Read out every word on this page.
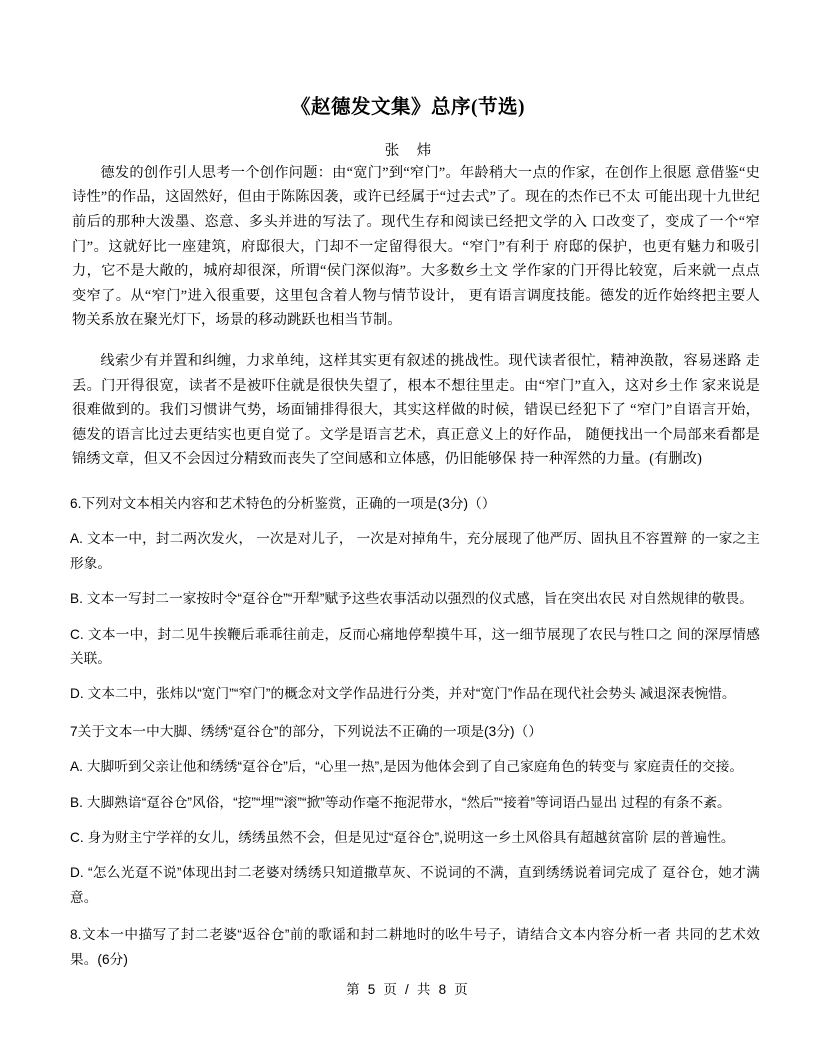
《赵德发文集》总序(节选)
张 炜

德发的创作引人思考一个创作问题：由“宽门”到“窄门”。年龄稍大一点的作家，在创作上很愿 意借鉴“史诗性”的作品，这固然好，但由于陈陈因袭，或许已经属于“过去式”了。现在的杰作已不太 可能出现十九世纪前后的那种大泼墨、恣意、多头并进的写法了。现代生存和阅读已经把文学的入 口改变了，变成了一个“窄门”。这就好比一座建筑，府邸很大，门却不一定留得很大。“窄门”有利于 府邸的保护，也更有魅力和吸引力，它不是大敞的，城府却很深，所谓“侯门深似海”。大多数乡土文 学作家的门开得比较宽，后来就一点点变窄了。从“窄门”进入很重要，这里包含着人物与情节设计， 更有语言调度技能。德发的近作始终把主要人物关系放在聚光灯下，场景的移动跳跃也相当节制。

线索少有并置和纠缠，力求单纯，这样其实更有叙述的挑战性。现代读者很忙，精神涣散，容易迷路 走丢。门开得很宽，读者不是被吓住就是很快失望了，根本不想往里走。由“窄门”直入，这对乡土作 家来说是很难做到的。我们习惯讲气势，场面铺排得很大，其实这样做的时候，错误已经犯下了 “窄门”自语言开始，德发的语言比过去更结实也更自觉了。文学是语言艺术，真正意义上的好作品， 随便找出一个局部来看都是锦绣文章，但又不会因过分精致而丧失了空间感和立体感，仍旧能够保 持一种浑然的力量。(有删改)

6.下列对文本相关内容和艺术特色的分析鉴赏，正确的一项是(3分)（）

A. 文本一中，封二两次发火， 一次是对儿子， 一次是对掉角牛，充分展现了他严厉、固执且不容置辩 的一家之主形象。

B. 文本一写封二一家按时令“趸谷仓”“开犁”赋予这些农事活动以强烈的仪式感，旨在突出农民 对自然规律的敬畏。

C. 文本一中，封二见牛挨鞭后乖乖往前走，反而心痛地停犁摸牛耳，这一细节展现了农民与牲口之 间的深厚情感关联。

D. 文本二中，张炜以“宽门”“窄门”的概念对文学作品进行分类，并对“宽门”作品在现代社会势头 减退深表惋惜。

7关于文本一中大脚、绣绣“趸谷仓”的部分，下列说法不正确的一项是(3分)（）

A. 大脚听到父亲让他和绣绣“趸谷仓”后，“心里一热”,是因为他体会到了自己家庭角色的转变与 家庭责任的交接。

B. 大脚熟谙“趸谷仓”风俗，“挖”“埋”“滚”“掀”等动作毫不拖泥带水，“然后”“接着”等词语凸显出 过程的有条不紊。

C. 身为财主宁学祥的女儿，绣绣虽然不会，但是见过“趸谷仓”,说明这一乡土风俗具有超越贫富阶 层的普遍性。

D. “怎么光趸不说”体现出封二老婆对绣绣只知道撒草灰、不说词的不满，直到绣绣说着词完成了 趸谷仓，她才满意。

8.文本一中描写了封二老婆“返谷仓”前的歌谣和封二耕地时的吆牛号子，请结合文本内容分析一者 共同的艺术效果。(6分)

第 5 页 / 共 8 页
